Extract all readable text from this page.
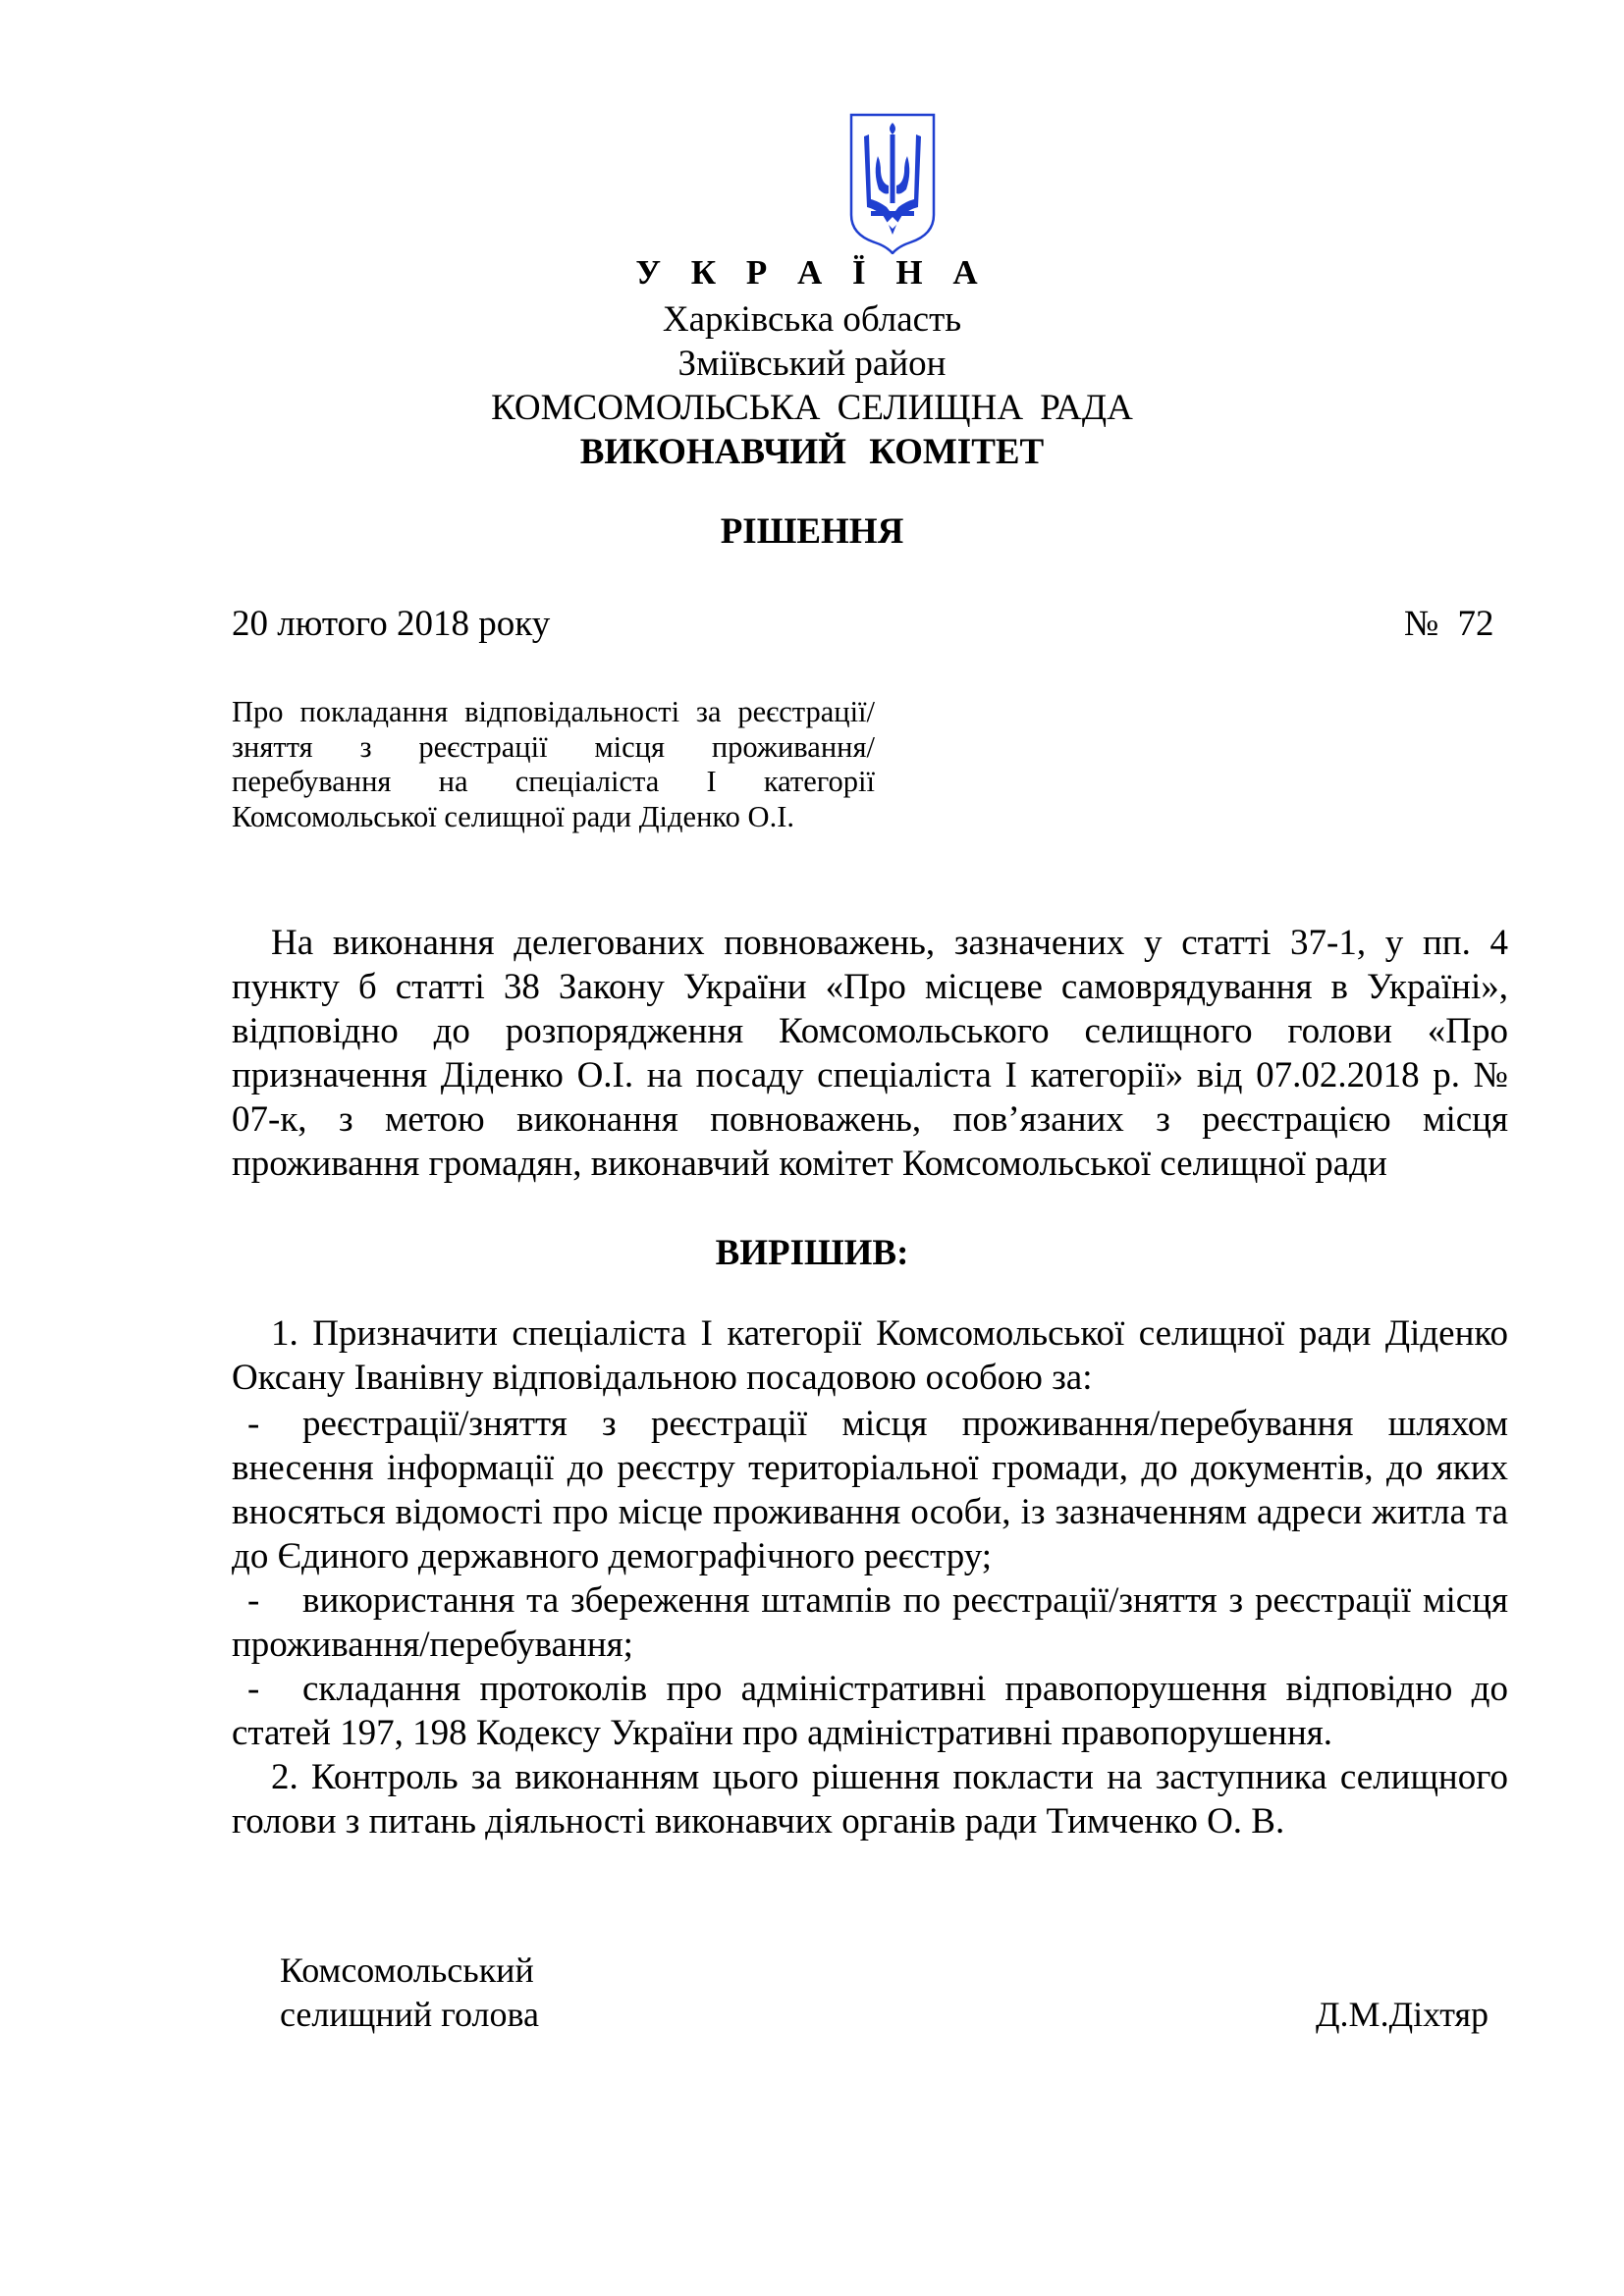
У К Р А Ї Н А
Харківська область
Зміївський район
КОМСОМОЛЬСЬКА СЕЛИЩНА РАДА
ВИКОНАВЧИЙ КОМІТЕТ
РІШЕННЯ
20 лютого 2018 року	№ 72
Про покладання відповідальності за реєстрації/зняття з реєстрації місця проживання/перебування на спеціаліста І категорії Комсомольської селищної ради Діденко О.І.
На виконання делегованих повноважень, зазначених у статті 37-1, у пп. 4 пункту б статті 38 Закону України «Про місцеве самоврядування в Україні», відповідно до розпорядження Комсомольського селищного голови «Про призначення Діденко О.І. на посаду спеціаліста І категорії» від 07.02.2018 р. № 07-к, з метою виконання повноважень, пов’язаних з реєстрацією місця проживання громадян, виконавчий комітет Комсомольської селищної ради
ВИРІШИВ:
1. Призначити спеціаліста І категорії Комсомольської селищної ради Діденко Оксану Іванівну відповідальною посадовою особою за:
- реєстрації/зняття з реєстрації місця проживання/перебування шляхом внесення інформації до реєстру територіальної громади, до документів, до яких вносяться відомості про місце проживання особи, із зазначенням адреси житла та до Єдиного державного демографічного реєстру;
- використання та збереження штампів по реєстрації/зняття з реєстрації місця проживання/перебування;
- складання протоколів про адміністративні правопорушення відповідно до статей 197, 198 Кодексу України про адміністративні правопорушення.
2. Контроль за виконанням цього рішення покласти на заступника селищного голови з питань діяльності виконавчих органів ради Тимченко О. В.
Комсомольський
селищний голова	Д.М.Діхтяр
